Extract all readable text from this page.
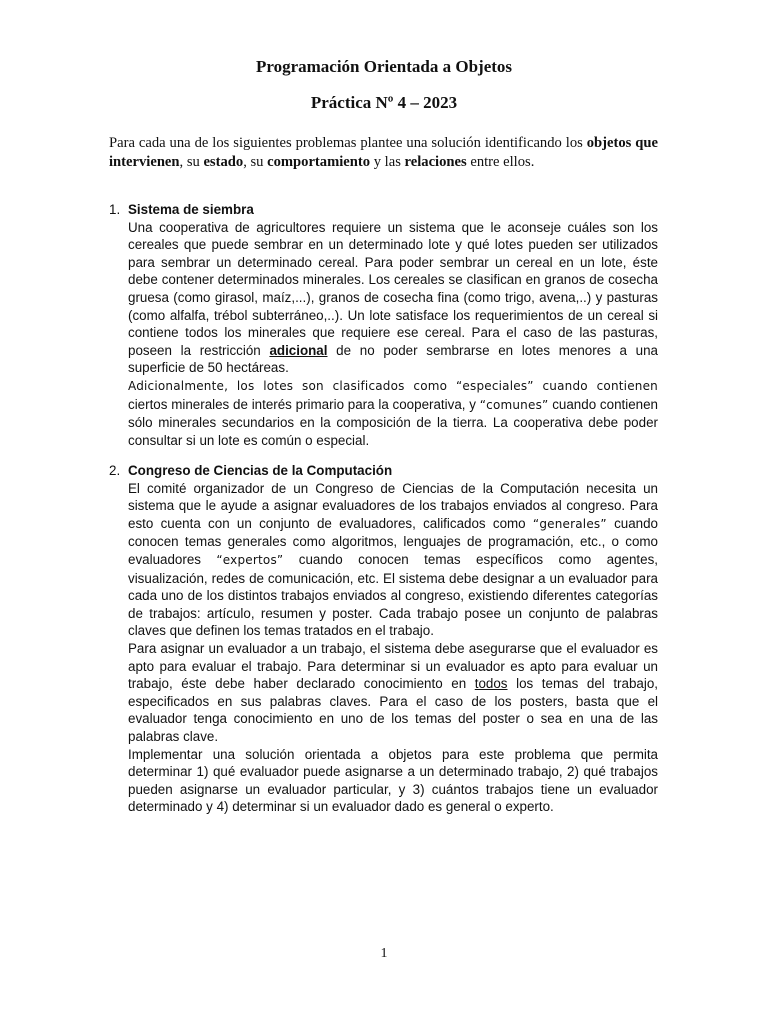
Programación Orientada a Objetos
Práctica Nº 4 – 2023
Para cada una de los siguientes problemas plantee una solución identificando los objetos que intervienen, su estado, su comportamiento y las relaciones entre ellos.
1. Sistema de siembra

Una cooperativa de agricultores requiere un sistema que le aconseje cuáles son los cereales que puede sembrar en un determinado lote y qué lotes pueden ser utilizados para sembrar un determinado cereal. Para poder sembrar un cereal en un lote, éste debe contener determinados minerales. Los cereales se clasifican en granos de cosecha gruesa (como girasol, maíz,...), granos de cosecha fina (como trigo, avena,..) y pasturas (como alfalfa, trébol subterráneo,..). Un lote satisface los requerimientos de un cereal si contiene todos los minerales que requiere ese cereal. Para el caso de las pasturas, poseen la restricción adicional de no poder sembrarse en lotes menores a una superficie de 50 hectáreas.

Adicionalmente, los lotes son clasificados como “especiales” cuando contienen ciertos minerales de interés primario para la cooperativa, y “comunes” cuando contienen sólo minerales secundarios en la composición de la tierra. La cooperativa debe poder consultar si un lote es común o especial.

2. Congreso de Ciencias de la Computación

El comité organizador de un Congreso de Ciencias de la Computación necesita un sistema que le ayude a asignar evaluadores de los trabajos enviados al congreso. Para esto cuenta con un conjunto de evaluadores, calificados como “generales” cuando conocen temas generales como algoritmos, lenguajes de programación, etc., o como evaluadores “expertos” cuando conocen temas específicos como agentes, visualización, redes de comunicación, etc. El sistema debe designar a un evaluador para cada uno de los distintos trabajos enviados al congreso, existiendo diferentes categorías de trabajos: artículo, resumen y poster. Cada trabajo posee un conjunto de palabras claves que definen los temas tratados en el trabajo.

Para asignar un evaluador a un trabajo, el sistema debe asegurarse que el evaluador es apto para evaluar el trabajo. Para determinar si un evaluador es apto para evaluar un trabajo, éste debe haber declarado conocimiento en todos los temas del trabajo, especificados en sus palabras claves. Para el caso de los posters, basta que el evaluador tenga conocimiento en uno de los temas del poster o sea en una de las palabras clave.

Implementar una solución orientada a objetos para este problema que permita determinar 1) qué evaluador puede asignarse a un determinado trabajo, 2) qué trabajos pueden asignarse un evaluador particular, y 3) cuántos trabajos tiene un evaluador determinado y 4) determinar si un evaluador dado es general o experto.

1
